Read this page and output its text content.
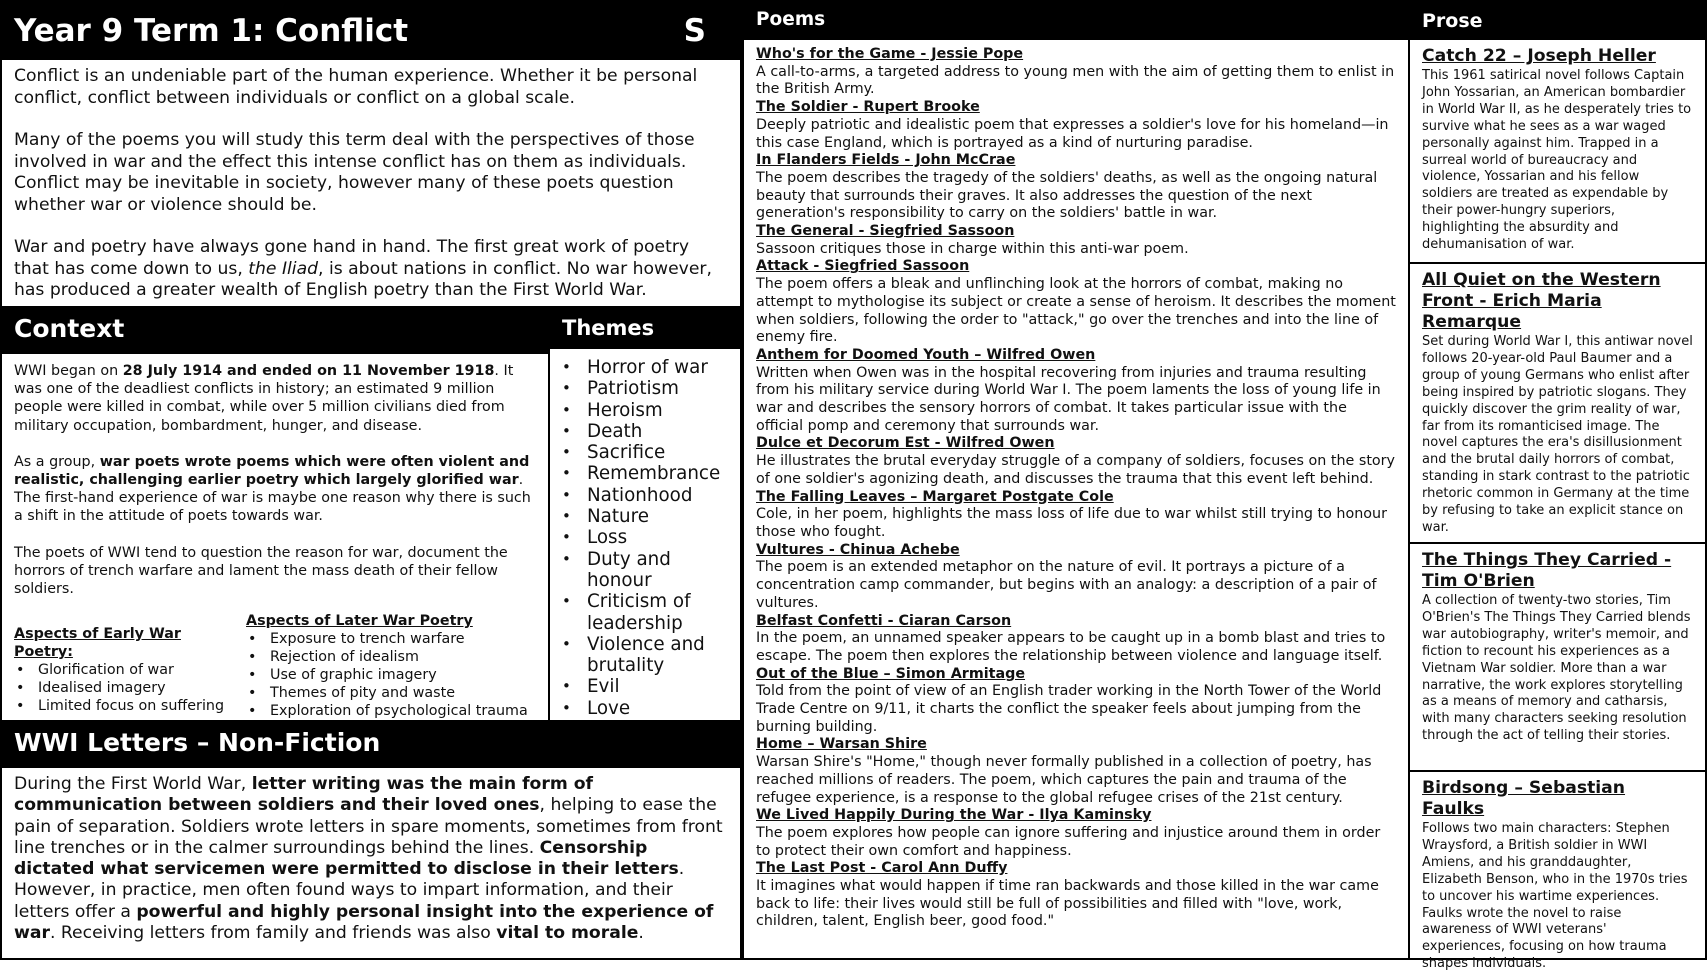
Year 9 Term 1: Conflict	S

Conflict is an undeniable part of the human experience. Whether it be personal conflict, conflict between individuals or conflict on a global scale.

Many of the poems you will study this term deal with the perspectives of those involved in war and the effect this intense conflict has on them as individuals. Conflict may be inevitable in society, however many of these poets question whether war or violence should be.

War and poetry have always gone hand in hand. The first great work of poetry that has come down to us, the Iliad, is about nations in conflict. No war however, has produced a greater wealth of English poetry than the First World War.

Context

WWI began on 28 July 1914 and ended on 11 November 1918. It was one of the deadliest conflicts in history; an estimated 9 million people were killed in combat, while over 5 million civilians died from military occupation, bombardment, hunger, and disease.

As a group, war poets wrote poems which were often violent and realistic, challenging earlier poetry which largely glorified war. The first-hand experience of war is maybe one reason why there is such a shift in the attitude of poets towards war.

The poets of WWI tend to question the reason for war, document the horrors of trench warfare and lament the mass death of their fellow soldiers.

Aspects of Early War Poetry:
• Glorification of war
• Idealised imagery
• Limited focus on suffering
Aspects of Later War Poetry
• Exposure to trench warfare
• Rejection of idealism
• Use of graphic imagery
• Themes of pity and waste
• Exploration of psychological trauma
Themes
• Horror of war
• Patriotism
• Heroism
• Death
• Sacrifice
• Remembrance
• Nationhood
• Nature
• Loss
• Duty and honour
• Criticism of leadership
• Violence and brutality
• Evil
• Love
•
WWI Letters – Non-Fiction
During the First World War, letter writing was the main form of communication between soldiers and their loved ones, helping to ease the pain of separation. Soldiers wrote letters in spare moments, sometimes from front line trenches or in the calmer surroundings behind the lines. Censorship dictated what servicemen were permitted to disclose in their letters. However, in practice, men often found ways to impart information, and their letters offer a powerful and highly personal insight into the experience of war. Receiving letters from family and friends was also vital to morale.
Poems
Who's for the Game - Jessie Pope
A call-to-arms, a targeted address to young men with the aim of getting them to enlist in the British Army.
The Soldier - Rupert Brooke
Deeply patriotic and idealistic poem that expresses a soldier's love for his homeland—in this case England, which is portrayed as a kind of nurturing paradise.
In Flanders Fields - John McCrae
The poem describes the tragedy of the soldiers' deaths, as well as the ongoing natural beauty that surrounds their graves. It also addresses the question of the next generation's responsibility to carry on the soldiers' battle in war.
The General - Siegfried Sassoon
Sassoon critiques those in charge within this anti-war poem.
Attack - Siegfried Sassoon
The poem offers a bleak and unflinching look at the horrors of combat, making no attempt to mythologise its subject or create a sense of heroism. It describes the moment when soldiers, following the order to "attack," go over the trenches and into the line of enemy fire.
Anthem for Doomed Youth – Wilfred Owen
Written when Owen was in the hospital recovering from injuries and trauma resulting from his military service during World War I. The poem laments the loss of young life in war and describes the sensory horrors of combat. It takes particular issue with the official pomp and ceremony that surrounds war.
Dulce et Decorum Est - Wilfred Owen
He illustrates the brutal everyday struggle of a company of soldiers, focuses on the story of one soldier's agonizing death, and discusses the trauma that this event left behind.
The Falling Leaves – Margaret Postgate Cole
Cole, in her poem, highlights the mass loss of life due to war whilst still trying to honour those who fought.
Vultures - Chinua Achebe
The poem is an extended metaphor on the nature of evil. It portrays a picture of a concentration camp commander, but begins with an analogy: a description of a pair of vultures.
Belfast Confetti - Ciaran Carson
In the poem, an unnamed speaker appears to be caught up in a bomb blast and tries to escape. The poem then explores the relationship between violence and language itself.
Out of the Blue – Simon Armitage
Told from the point of view of an English trader working in the North Tower of the World Trade Centre on 9/11, it charts the conflict the speaker feels about jumping from the burning building.
Home – Warsan Shire
Warsan Shire's "Home," though never formally published in a collection of poetry, has reached millions of readers. The poem, which captures the pain and trauma of the refugee experience, is a response to the global refugee crises of the 21st century.
We Lived Happily During the War - Ilya Kaminsky
The poem explores how people can ignore suffering and injustice around them in order to protect their own comfort and happiness.
The Last Post - Carol Ann Duffy
It imagines what would happen if time ran backwards and those killed in the war came back to life: their lives would still be full of possibilities and filled with "love, work, children, talent, English beer, good food."
Prose
Catch 22 – Joseph Heller
This 1961 satirical novel follows Captain John Yossarian, an American bombardier in World War II, as he desperately tries to survive what he sees as a war waged personally against him. Trapped in a surreal world of bureaucracy and violence, Yossarian and his fellow soldiers are treated as expendable by their power-hungry superiors, highlighting the absurdity and dehumanisation of war.
All Quiet on the Western Front - Erich Maria Remarque
Set during World War I, this antiwar novel follows 20-year-old Paul Baumer and a group of young Germans who enlist after being inspired by patriotic slogans. They quickly discover the grim reality of war, far from its romanticised image. The novel captures the era's disillusionment and the brutal daily horrors of combat, standing in stark contrast to the patriotic rhetoric common in Germany at the time by refusing to take an explicit stance on war.
The Things They Carried - Tim O'Brien
A collection of twenty-two stories, Tim O'Brien's The Things They Carried blends war autobiography, writer's memoir, and fiction to recount his experiences as a Vietnam War soldier. More than a war narrative, the work explores storytelling as a means of memory and catharsis, with many characters seeking resolution through the act of telling their stories.
Birdsong – Sebastian Faulks
Follows two main characters: Stephen Wraysford, a British soldier in WWI Amiens, and his granddaughter, Elizabeth Benson, who in the 1970s tries to uncover his wartime experiences. Faulks wrote the novel to raise awareness of WWI veterans' experiences, focusing on how trauma shapes individuals.
